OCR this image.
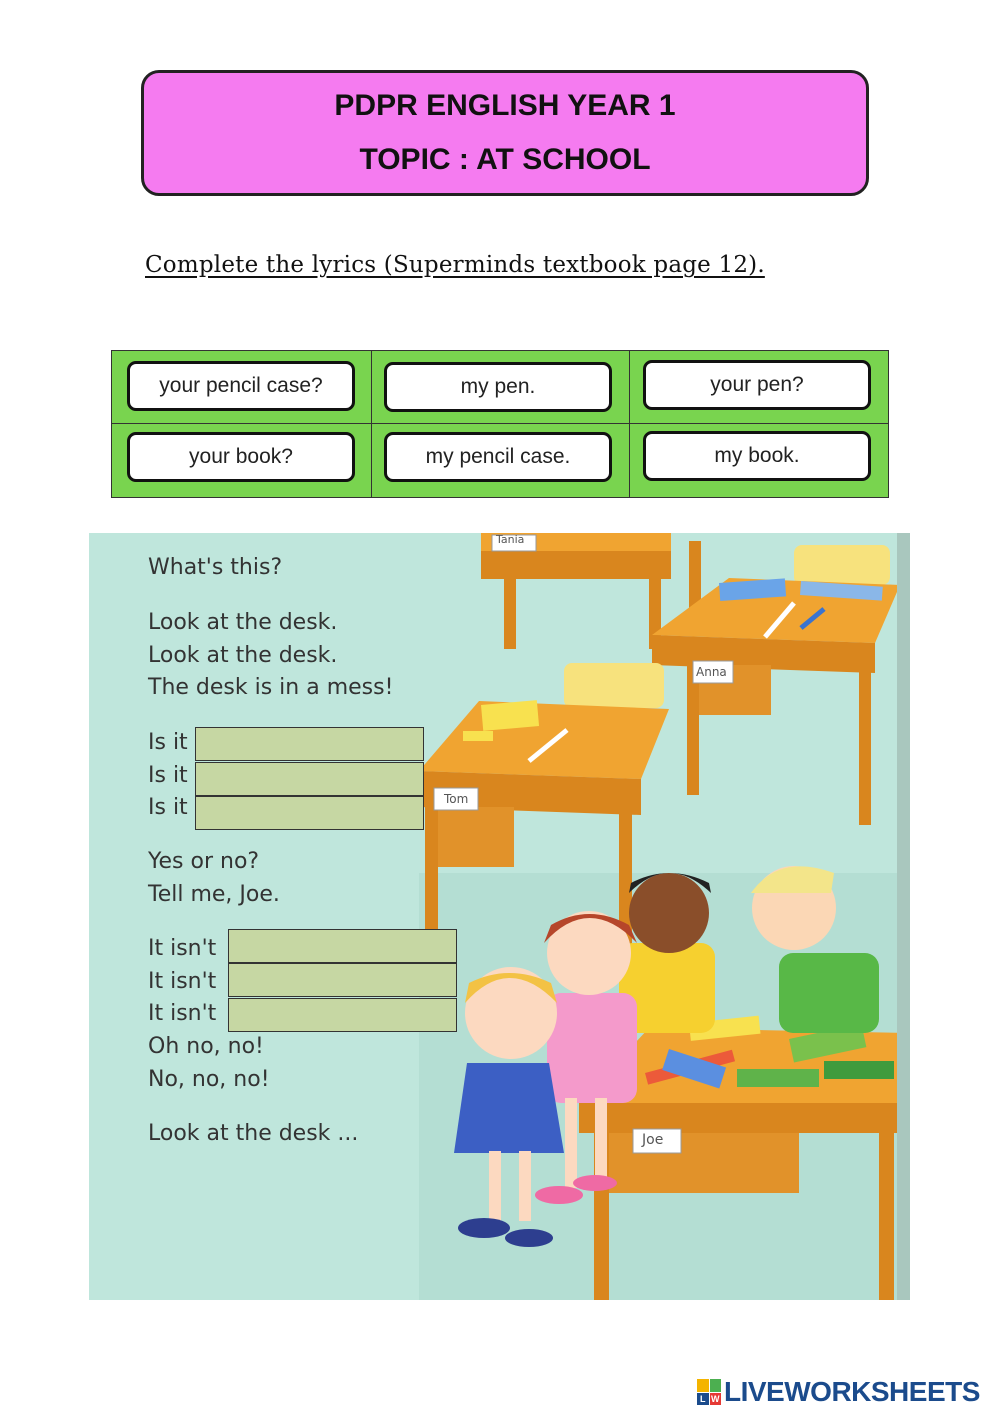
PDPR ENGLISH YEAR 1
TOPIC : AT SCHOOL
Complete the lyrics (Superminds textbook page 12).
your pencil case?	my pen.	your pen?
your book?	my pencil case.	my book.
What's this?
Look at the desk.
Look at the desk.
The desk is in a mess!
Is it
Is it
Is it
Yes or no?
Tell me, Joe.
It isn't
It isn't
It isn't
Oh no, no!
No, no, no!
Look at the desk ...
Tania
Anna
Tom
Joe
L W LIVEWORKSHEETS
